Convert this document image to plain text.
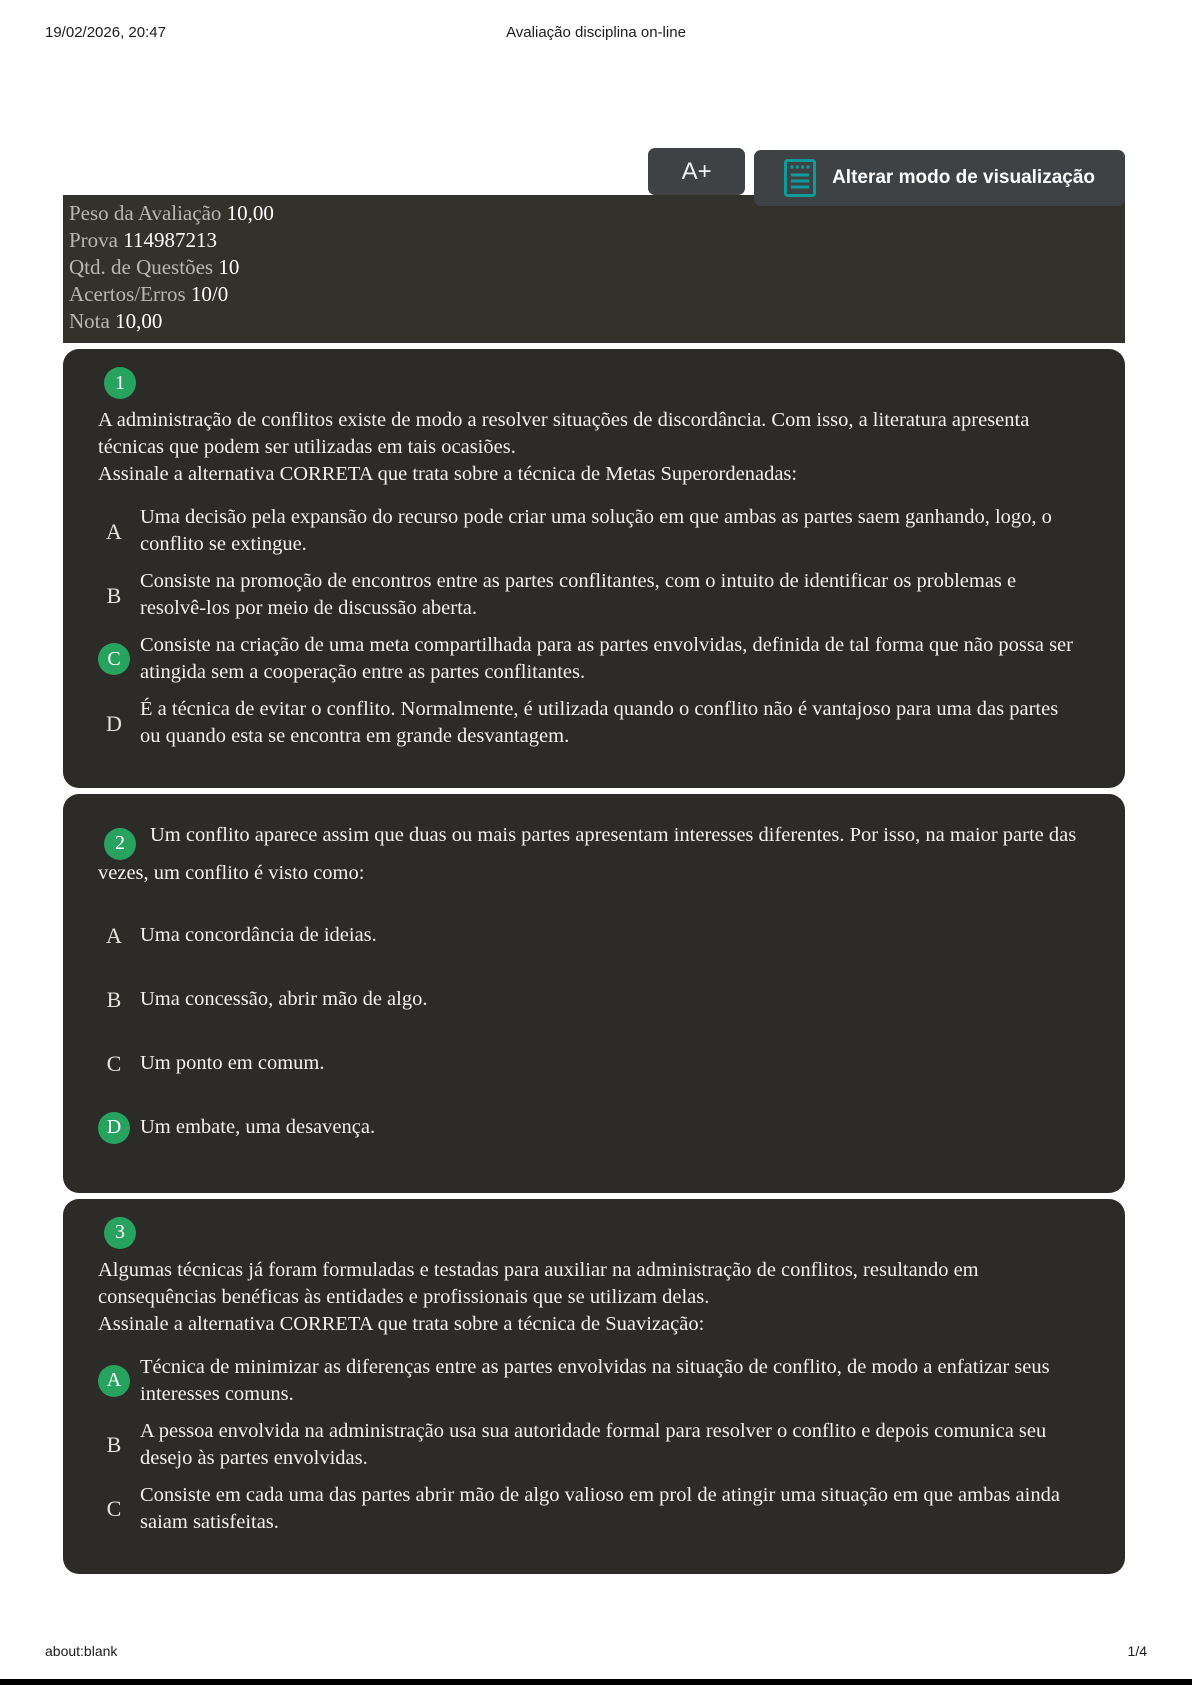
19/02/2026, 20:47	Avaliação disciplina on-line
A+	Alterar modo de visualização
Peso da Avaliação 10,00
Prova 114987213
Qtd. de Questões 10
Acertos/Erros 10/0
Nota 10,00
1
A administração de conflitos existe de modo a resolver situações de discordância. Com isso, a literatura apresenta técnicas que podem ser utilizadas em tais ocasiões.
Assinale a alternativa CORRETA que trata sobre a técnica de Metas Superordenadas:
A
Uma decisão pela expansão do recurso pode criar uma solução em que ambas as partes saem ganhando, logo, o conflito se extingue.
B
Consiste na promoção de encontros entre as partes conflitantes, com o intuito de identificar os problemas e resolvê-los por meio de discussão aberta.
C
Consiste na criação de uma meta compartilhada para as partes envolvidas, definida de tal forma que não possa ser atingida sem a cooperação entre as partes conflitantes.
D
É a técnica de evitar o conflito. Normalmente, é utilizada quando o conflito não é vantajoso para uma das partes ou quando esta se encontra em grande desvantagem.

2 Um conflito aparece assim que duas ou mais partes apresentam interesses diferentes. Por isso, na maior parte das vezes, um conflito é visto como:

A Uma concordância de ideias.
B Uma concessão, abrir mão de algo.
C Um ponto em comum.
D Um embate, uma desavença.
3
Algumas técnicas já foram formuladas e testadas para auxiliar na administração de conflitos, resultando em consequências benéficas às entidades e profissionais que se utilizam delas.
Assinale a alternativa CORRETA que trata sobre a técnica de Suavização:
A
Técnica de minimizar as diferenças entre as partes envolvidas na situação de conflito, de modo a enfatizar seus interesses comuns.
B
A pessoa envolvida na administração usa sua autoridade formal para resolver o conflito e depois comunica seu desejo às partes envolvidas.
C
Consiste em cada uma das partes abrir mão de algo valioso em prol de atingir uma situação em que ambas ainda saiam satisfeitas.
about:blank	1/4
